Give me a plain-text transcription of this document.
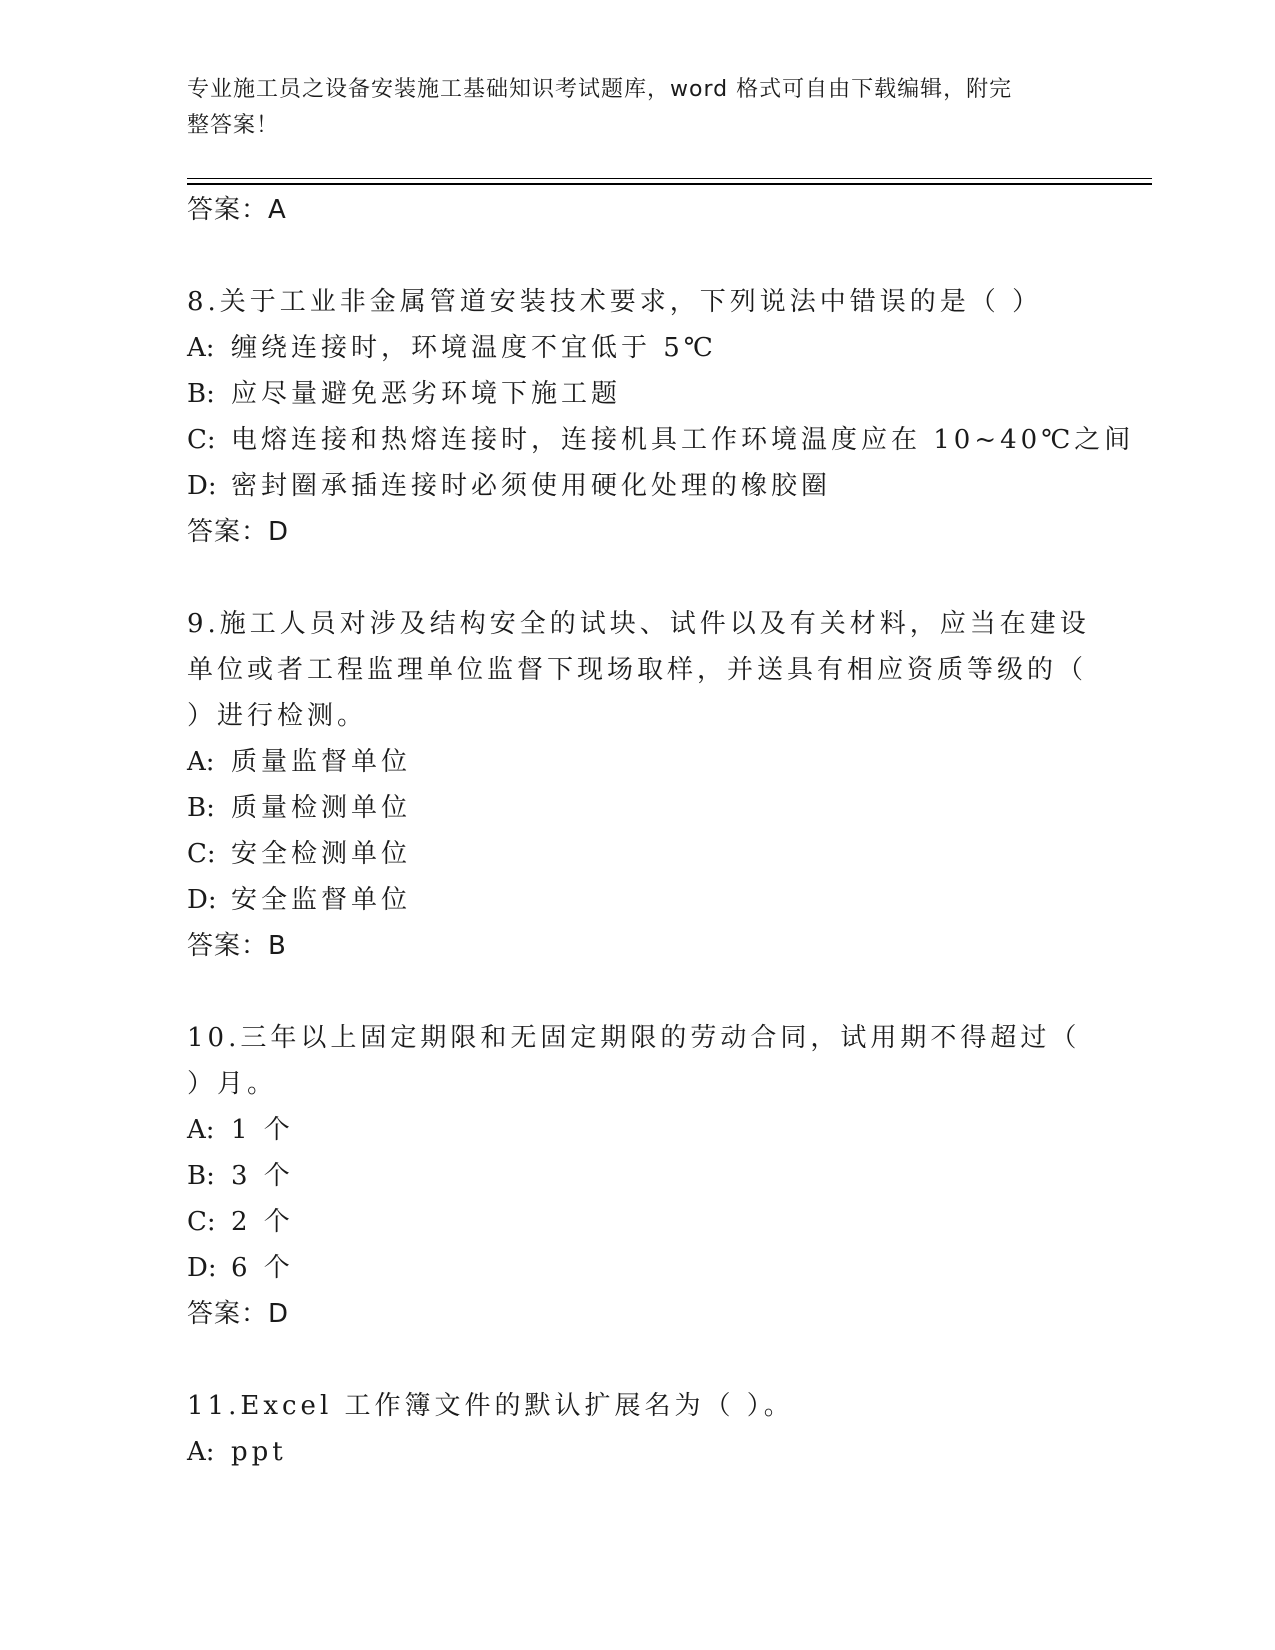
专业施工员之设备安装施工基础知识考试题库，word 格式可自由下载编辑，附完
整答案！
答案：A
8.关于工业非金属管道安装技术要求，下列说法中错误的是（ ）
A: 缠绕连接时，环境温度不宜低于 5℃
B: 应尽量避免恶劣环境下施工题
C: 电熔连接和热熔连接时，连接机具工作环境温度应在 10~40℃之间
D: 密封圈承插连接时必须使用硬化处理的橡胶圈
答案：D
9.施工人员对涉及结构安全的试块、试件以及有关材料，应当在建设
单位或者工程监理单位监督下现场取样，并送具有相应资质等级的（
）进行检测。
A: 质量监督单位
B: 质量检测单位
C: 安全检测单位
D: 安全监督单位
答案：B
10.三年以上固定期限和无固定期限的劳动合同，试用期不得超过（
）月。
A: 1 个
B: 3 个
C: 2 个
D: 6 个
答案：D
11.Excel 工作簿文件的默认扩展名为（ ）。
A: ppt
